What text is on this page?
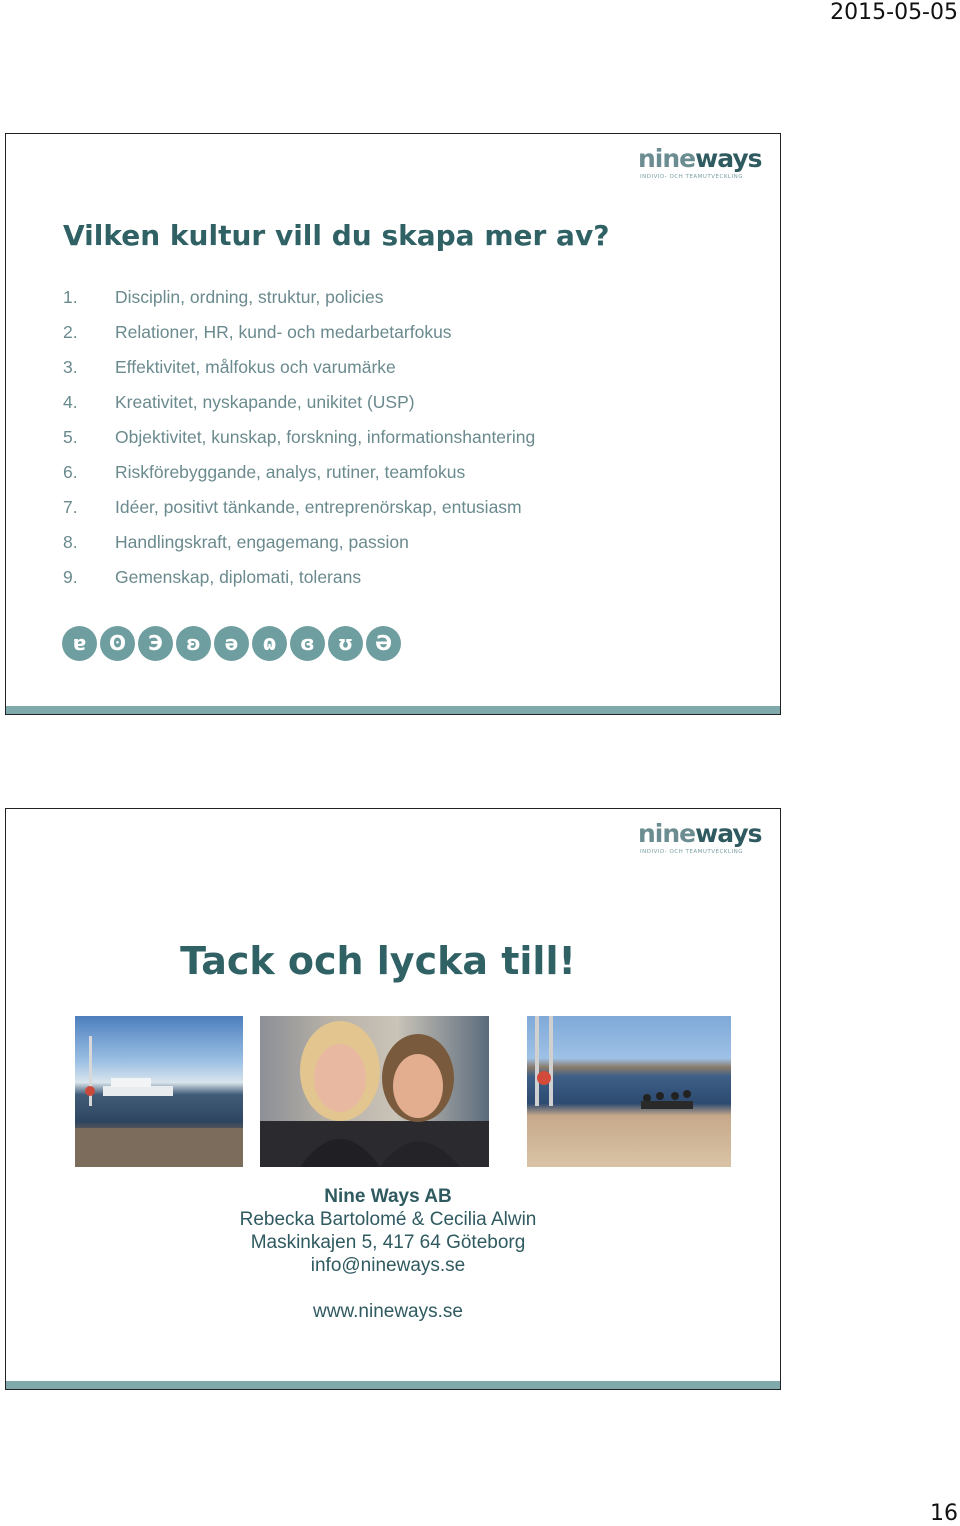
2015-05-05
nineways
INDIVID- OCH TEAMUTVECKLING
Vilken kultur vill du skapa mer av?
1. Disciplin, ordning, struktur, policies
2. Relationer, HR, kund- och medarbetarfokus
3. Effektivitet, målfokus och varumärke
4. Kreativitet, nyskapande, unikitet (USP)
5. Objektivitet, kunskap, forskning, informationshantering
6. Riskförebyggande, analys, rutiner, teamfokus
7. Idéer, positivt tänkande, entreprenörskap, entusiasm
8. Handlingskraft, engagemang, passion
9. Gemenskap, diplomati, tolerans
ɐ	ʘ	Э	ʚ	ə	ɷ	ɞ	ʊ	Ә
nineways
INDIVID- OCH TEAMUTVECKLING
Tack och lycka till!
Nine Ways AB
Rebecka Bartolomé & Cecilia Alwin
Maskinkajen 5, 417 64 Göteborg
info@nineways.se
www.nineways.se
16
